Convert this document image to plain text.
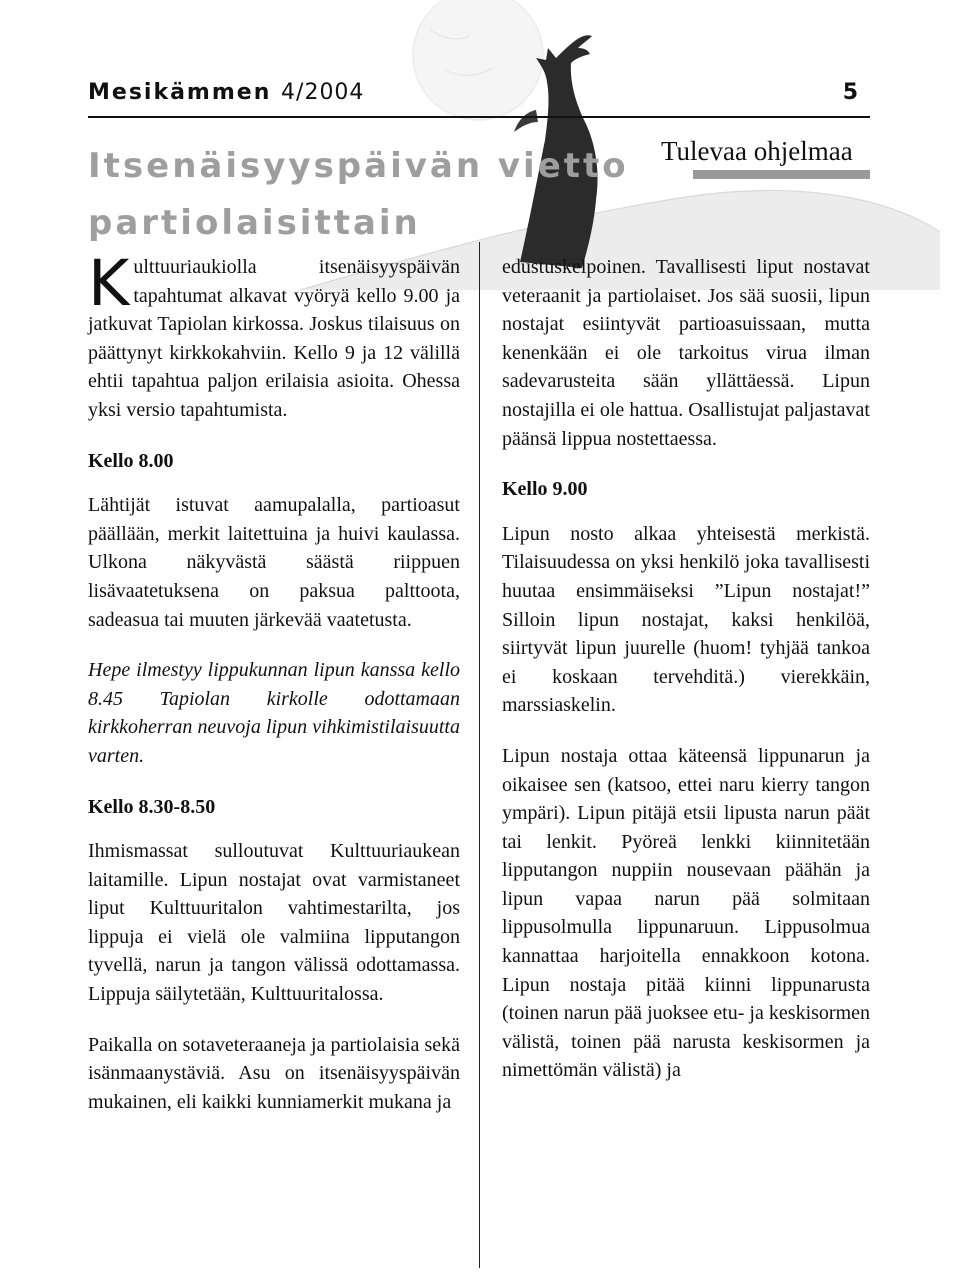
Mesikämmen 4/2004	5
Itsenäisyyspäivän vietto
partiolaisittain
Tulevaa ohjelmaa

Kulttuuriaukiolla itsenäisyyspäivän tapahtumat alkavat vyöryä kello 9.00 ja jatkuvat Tapiolan kirkossa. Joskus tilaisuus on päättynyt kirkkokahviin. Kello 9 ja 12 välillä ehtii tapahtua paljon erilaisia asioita. Ohessa yksi versio tapahtumista.

Kello 8.00

Lähtijät istuvat aamupalalla, partioasut päällään, merkit laitettuina ja huivi kaulassa. Ulkona näkyvästä säästä riippuen lisävaatetuksena on paksua palttoota, sadeasua tai muuten järkevää vaatetusta.

Hepe ilmestyy lippukunnan lipun kanssa kello 8.45 Tapiolan kirkolle odottamaan kirkkoherran neuvoja lipun vihkimistilaisuutta varten.

Kello 8.30-8.50

Ihmismassat sulloutuvat Kulttuuriaukean laitamille. Lipun nostajat ovat varmistaneet liput Kulttuuritalon vahtimestarilta, jos lippuja ei vielä ole valmiina lipputangon tyvellä, narun ja tangon välissä odottamassa. Lippuja säilytetään, Kulttuuritalossa.

Paikalla on sotaveteraaneja ja partiolaisia sekä isänmaanystäviä. Asu on itsenäisyyspäivän mukainen, eli kaikki kunniamerkit mukana ja

edustuskelpoinen. Tavallisesti liput nostavat veteraanit ja partiolaiset. Jos sää suosii, lipun nostajat esiintyvät partioasuissaan, mutta kenenkään ei ole tarkoitus virua ilman sadevarusteita sään yllättäessä. Lipun nostajilla ei ole hattua. Osallistujat paljastavat päänsä lippua nostettaessa.

Kello 9.00

Lipun nosto alkaa yhteisestä merkistä. Tilaisuudessa on yksi henkilö joka tavallisesti huutaa ensimmäiseksi ”Lipun nostajat!” Silloin lipun nostajat, kaksi henkilöä, siirtyvät lipun juurelle (huom! tyhjää tankoa ei koskaan tervehditä.) vierekkäin, marssiaskelin.

Lipun nostaja ottaa käteensä lippunarun ja oikaisee sen (katsoo, ettei naru kierry tangon ympäri). Lipun pitäjä etsii lipusta narun päät tai lenkit. Pyöreä lenkki kiinnitetään lipputangon nuppiin nousevaan päähän ja lipun vapaa narun pää solmitaan lippusolmulla lippunaruun. Lippusolmua kannattaa harjoitella ennakkoon kotona. Lipun nostaja pitää kiinni lippunarusta (toinen narun pää juoksee etu- ja keskisormen välistä, toinen pää narusta keskisormen ja nimettömän välistä) ja
